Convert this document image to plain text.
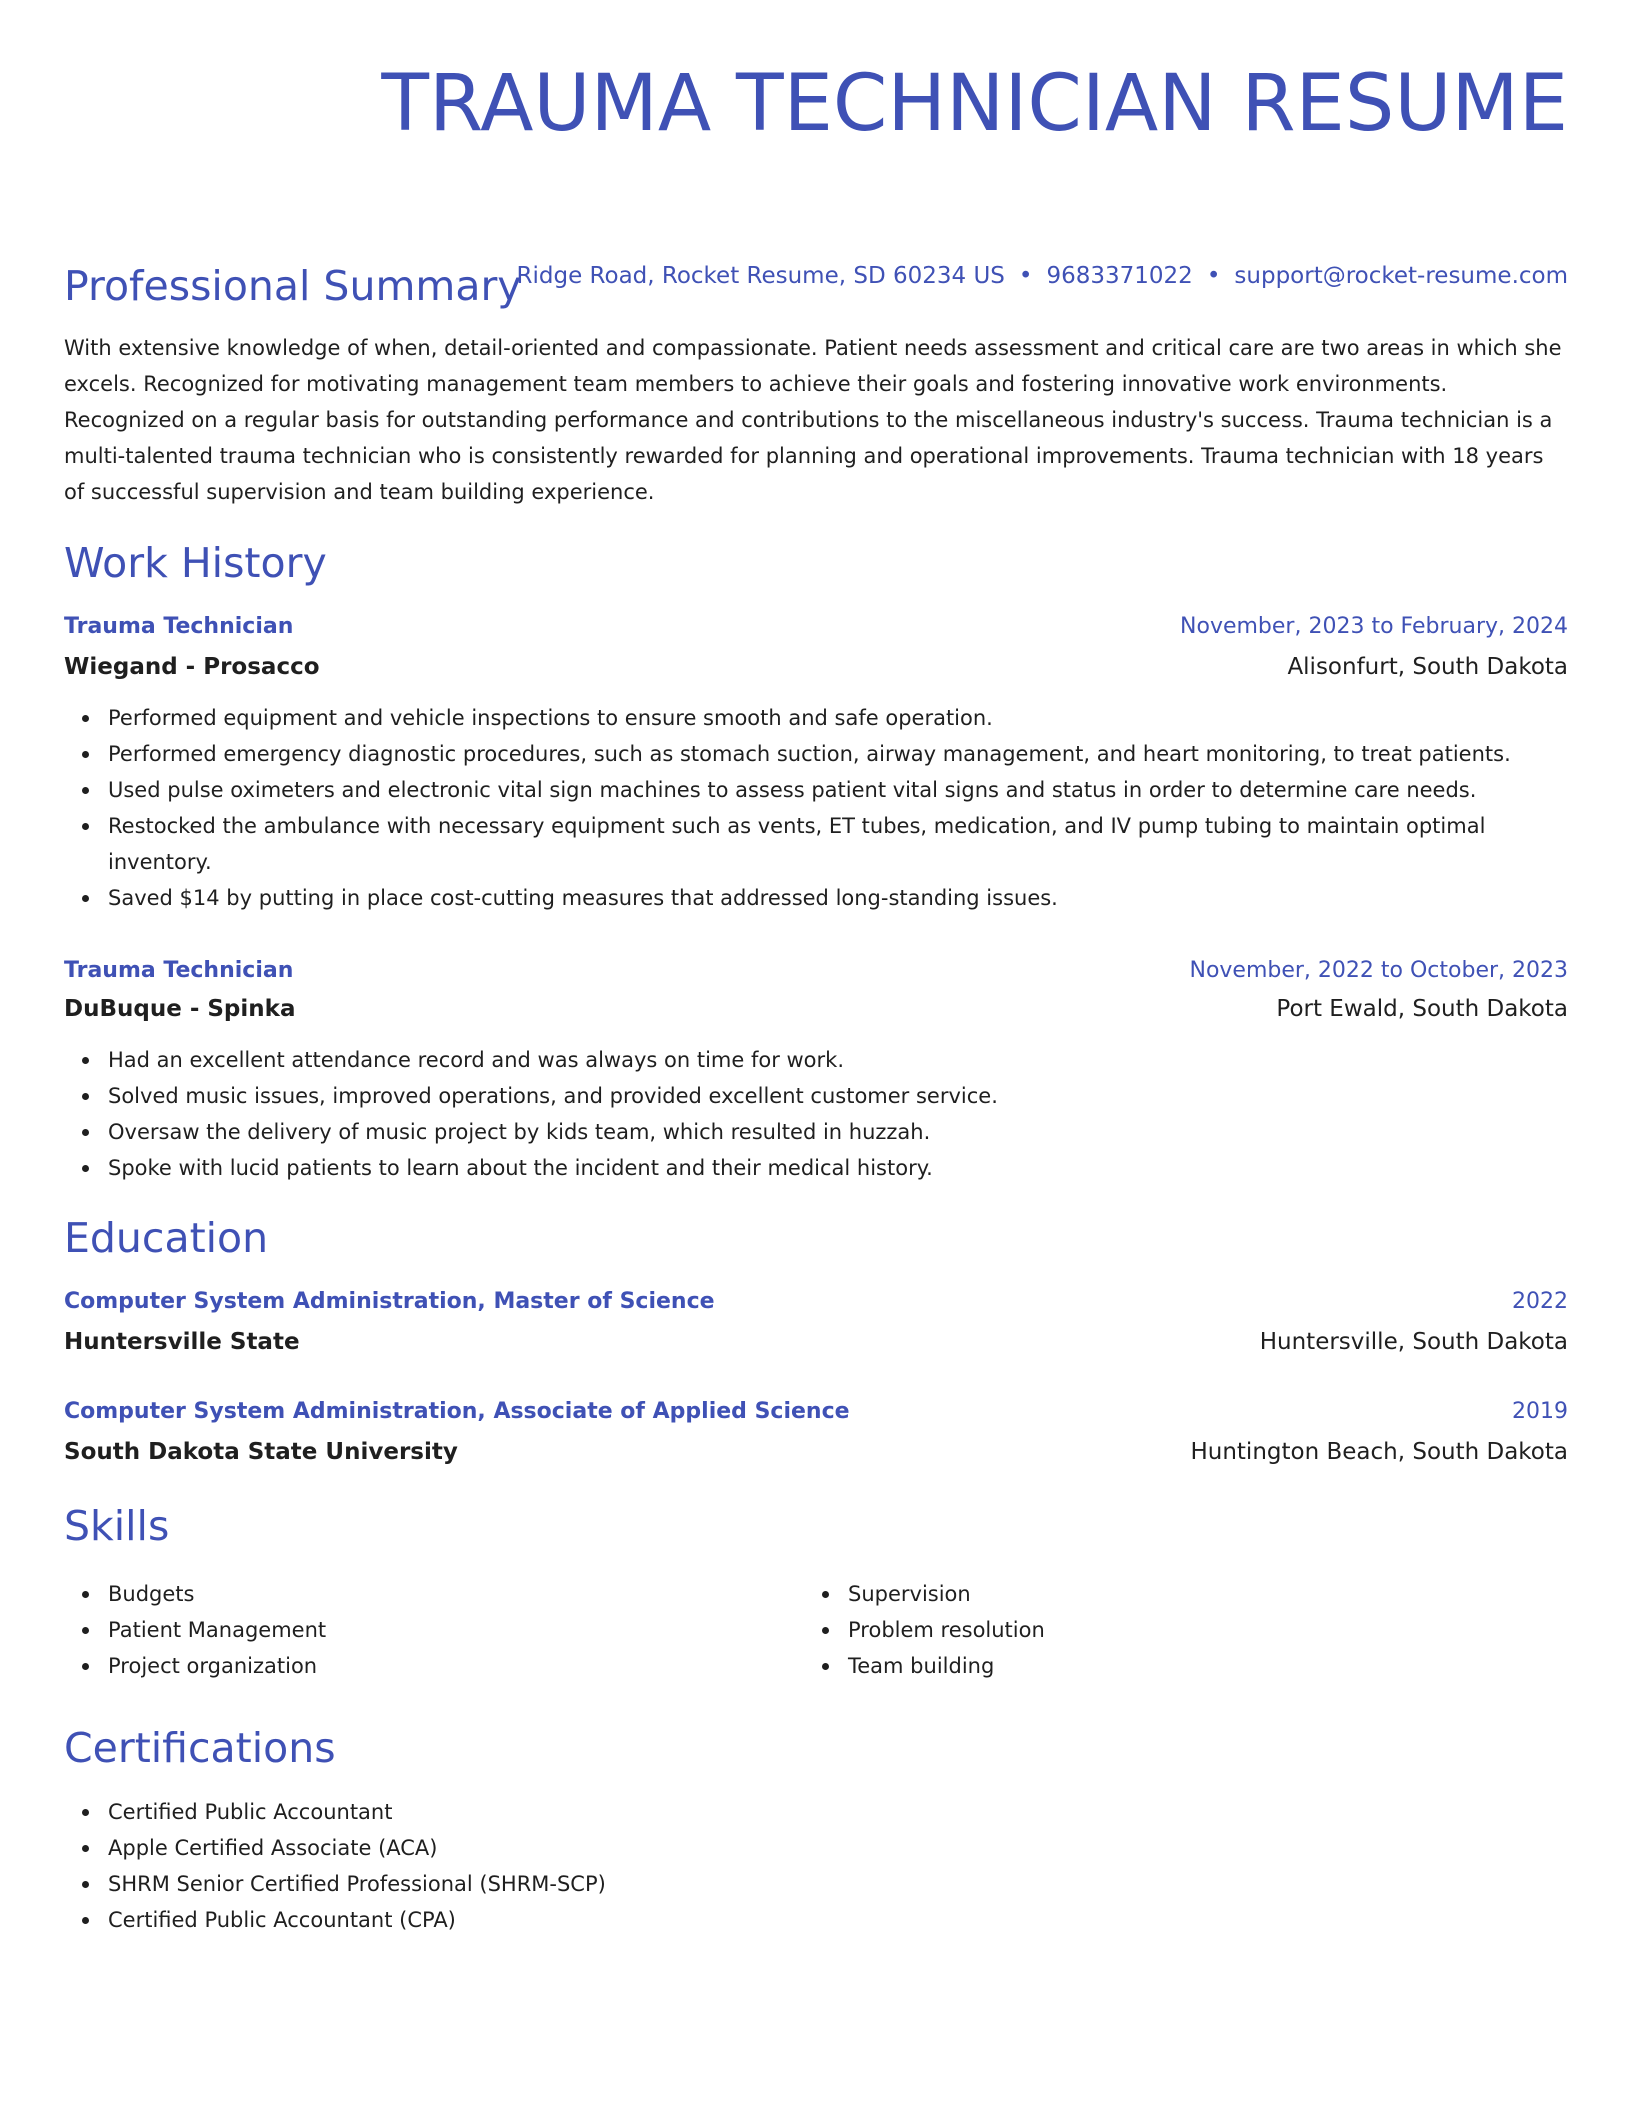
TRAUMA TECHNICIAN RESUME
Ridge Road, Rocket Resume, SD 60234 US • 9683371022 • support@rocket-resume.com
Professional Summary

With extensive knowledge of when, detail-oriented and compassionate. Patient needs assessment and critical care are two areas in which she excels. Recognized for motivating management team members to achieve their goals and fostering innovative work environments. Recognized on a regular basis for outstanding performance and contributions to the miscellaneous industry's success. Trauma technician is a multi-talented trauma technician who is consistently rewarded for planning and operational improvements. Trauma technician with 18 years of successful supervision and team building experience.

Work History
Trauma Technician	November, 2023 to February, 2024
Wiegand - Prosacco	Alisonfurt, South Dakota
Performed equipment and vehicle inspections to ensure smooth and safe operation.
Performed emergency diagnostic procedures, such as stomach suction, airway management, and heart monitoring, to treat patients.
Used pulse oximeters and electronic vital sign machines to assess patient vital signs and status in order to determine care needs.
Restocked the ambulance with necessary equipment such as vents, ET tubes, medication, and IV pump tubing to maintain optimal inventory.
Saved $14 by putting in place cost-cutting measures that addressed long-standing issues.
Trauma Technician	November, 2022 to October, 2023
DuBuque - Spinka	Port Ewald, South Dakota
Had an excellent attendance record and was always on time for work.
Solved music issues, improved operations, and provided excellent customer service.
Oversaw the delivery of music project by kids team, which resulted in huzzah.
Spoke with lucid patients to learn about the incident and their medical history.
Education
Computer System Administration, Master of Science	2022
Huntersville State	Huntersville, South Dakota
Computer System Administration, Associate of Applied Science	2019
South Dakota State University	Huntington Beach, South Dakota
Skills
Budgets
Patient Management
Project organization
Supervision
Problem resolution
Team building
Certifications
Certified Public Accountant
Apple Certified Associate (ACA)
SHRM Senior Certified Professional (SHRM-SCP)
Certified Public Accountant (CPA)
